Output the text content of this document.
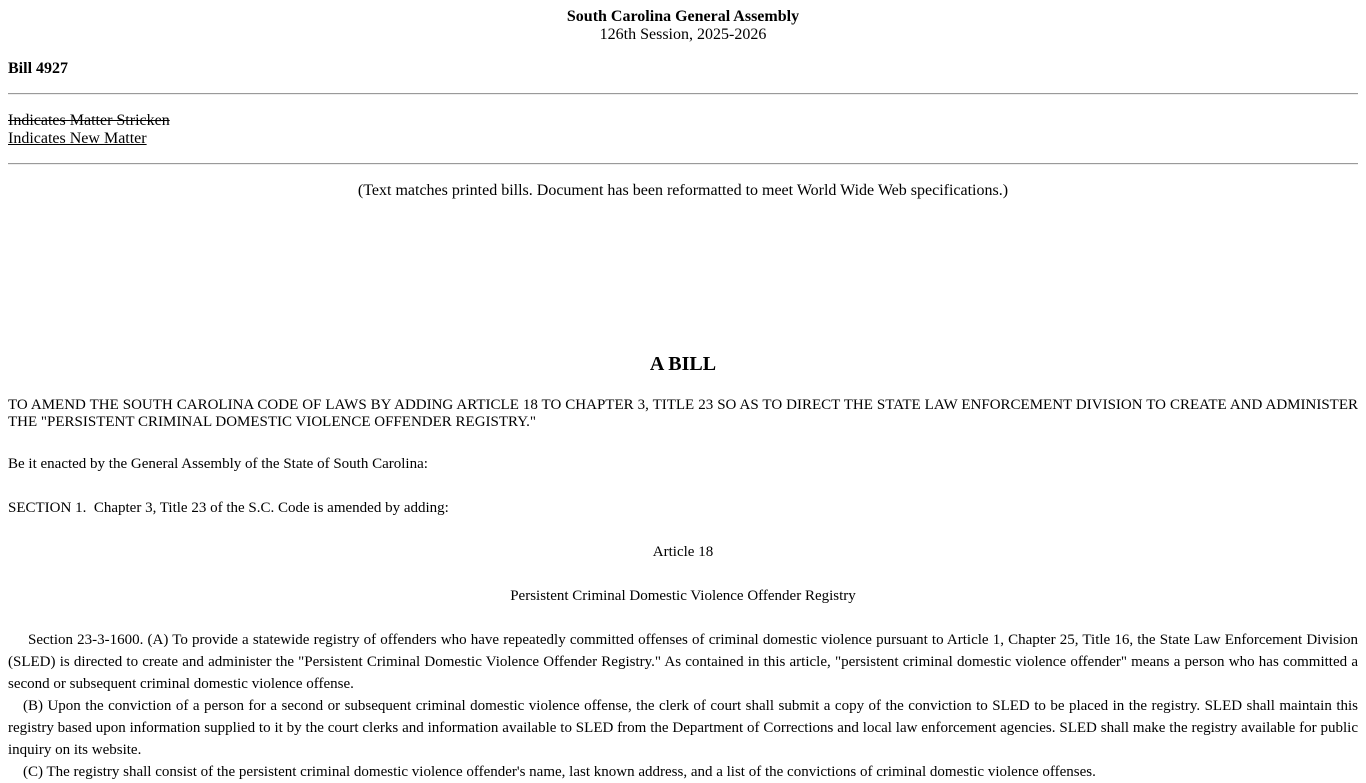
South Carolina General Assembly
126th Session, 2025-2026
Bill 4927
Indicates Matter Stricken
Indicates New Matter
(Text matches printed bills. Document has been reformatted to meet World Wide Web specifications.)
A BILL
TO AMEND THE SOUTH CAROLINA CODE OF LAWS BY ADDING ARTICLE 18 TO CHAPTER 3, TITLE 23 SO AS TO DIRECT THE STATE LAW ENFORCEMENT DIVISION TO CREATE AND ADMINISTER THE "PERSISTENT CRIMINAL DOMESTIC VIOLENCE OFFENDER REGISTRY."
Be it enacted by the General Assembly of the State of South Carolina:
SECTION 1.  Chapter 3, Title 23 of the S.C. Code is amended by adding:
Article 18
Persistent Criminal Domestic Violence Offender Registry

Section 23-3-1600. (A) To provide a statewide registry of offenders who have repeatedly committed offenses of criminal domestic violence pursuant to Article 1, Chapter 25, Title 16, the State Law Enforcement Division (SLED) is directed to create and administer the "Persistent Criminal Domestic Violence Offender Registry." As contained in this article, "persistent criminal domestic violence offender" means a person who has committed a second or subsequent criminal domestic violence offense.

(B) Upon the conviction of a person for a second or subsequent criminal domestic violence offense, the clerk of court shall submit a copy of the conviction to SLED to be placed in the registry. SLED shall maintain this registry based upon information supplied to it by the court clerks and information available to SLED from the Department of Corrections and local law enforcement agencies. SLED shall make the registry available for public inquiry on its website.

(C) The registry shall consist of the persistent criminal domestic violence offender's name, last known address, and a list of the convictions of criminal domestic violence offenses.
